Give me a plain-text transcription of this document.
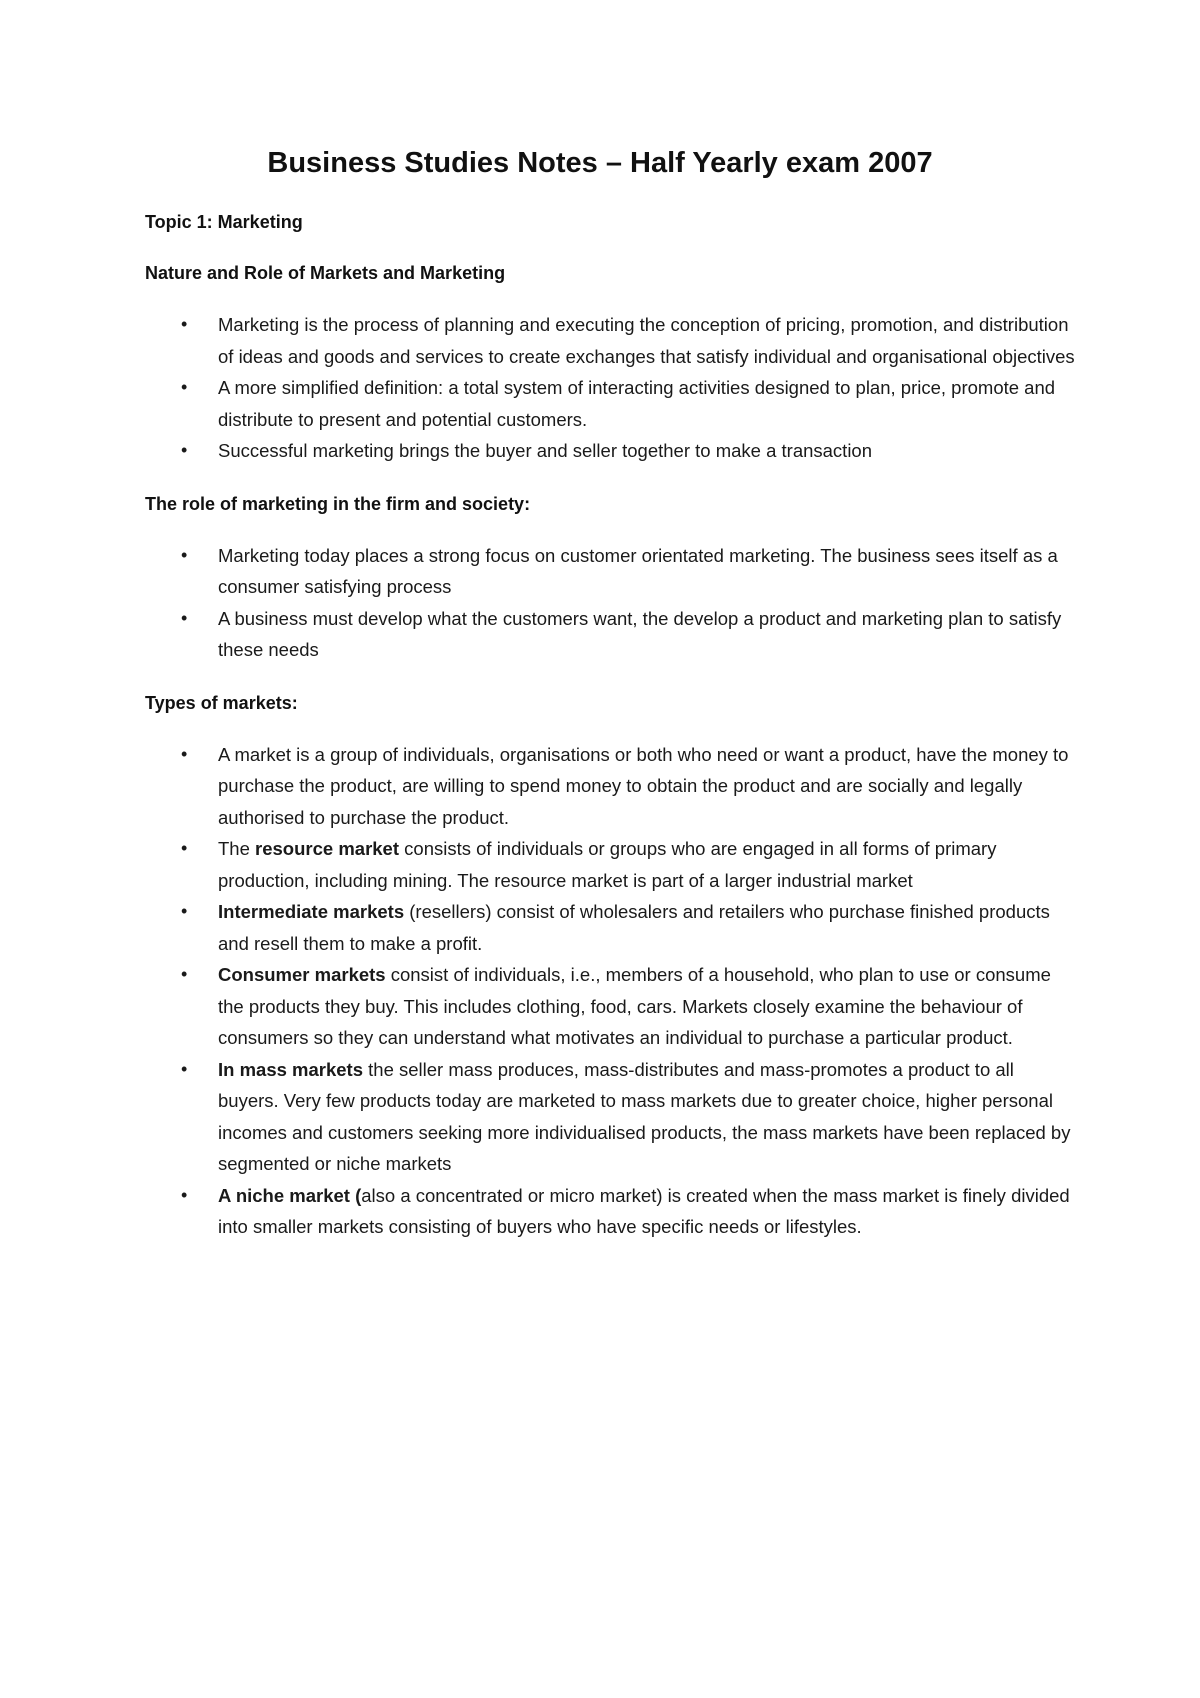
Business Studies Notes – Half Yearly exam 2007

Topic 1: Marketing

Nature and Role of Markets and Marketing

• Marketing is the process of planning and executing the conception of pricing, promotion, and distribution of ideas and goods and services to create exchanges that satisfy individual and organisational objectives
• A more simplified definition: a total system of interacting activities designed to plan, price, promote and distribute to present and potential customers.
• Successful marketing brings the buyer and seller together to make a transaction

The role of marketing in the firm and society:

• Marketing today places a strong focus on customer orientated marketing. The business sees itself as a consumer satisfying process
• A business must develop what the customers want, the develop a product and marketing plan to satisfy these needs

Types of markets:

• A market is a group of individuals, organisations or both who need or want a product, have the money to purchase the product, are willing to spend money to obtain the product and are socially and legally authorised to purchase the product.
• The resource market consists of individuals or groups who are engaged in all forms of primary production, including mining. The resource market is part of a larger industrial market
• Intermediate markets (resellers) consist of wholesalers and retailers who purchase finished products and resell them to make a profit.
• Consumer markets consist of individuals, i.e., members of a household, who plan to use or consume the products they buy. This includes clothing, food, cars. Markets closely examine the behaviour of consumers so they can understand what motivates an individual to purchase a particular product.
• In mass markets the seller mass produces, mass-distributes and mass-promotes a product to all buyers. Very few products today are marketed to mass markets due to greater choice, higher personal incomes and customers seeking more individualised products, the mass markets have been replaced by segmented or niche markets
• A niche market (also a concentrated or micro market) is created when the mass market is finely divided into smaller markets consisting of buyers who have specific needs or lifestyles.
